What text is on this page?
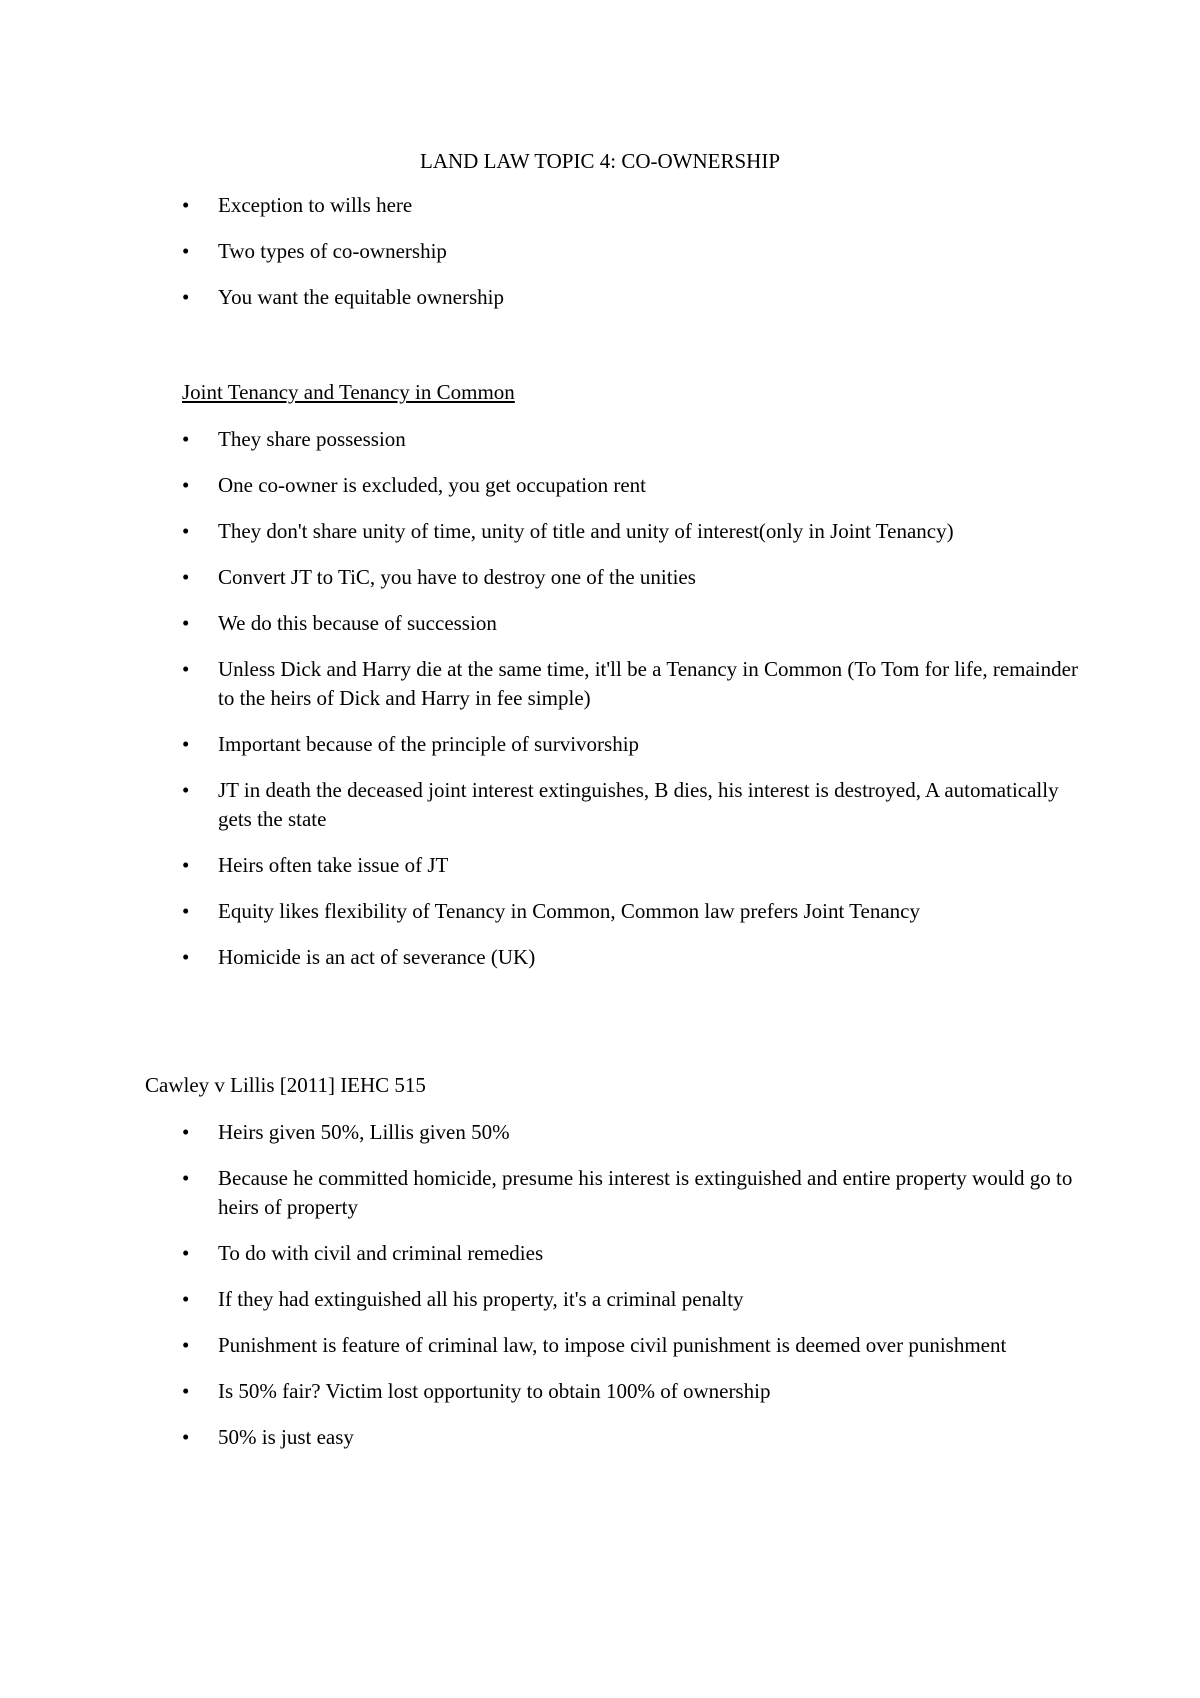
LAND LAW TOPIC 4: CO-OWNERSHIP
•	Exception to wills here
•	Two types of co-ownership
•	You want the equitable ownership
Joint Tenancy and Tenancy in Common
•	They share possession
•	One co-owner is excluded, you get occupation rent
•	They don't share unity of time, unity of title and unity of interest(only in Joint Tenancy)
•	Convert JT to TiC, you have to destroy one of the unities
•	We do this because of succession
•	Unless Dick and Harry die at the same time, it'll be a Tenancy in Common (To Tom for life, remainder to the heirs of Dick and Harry in fee simple)
•	Important because of the principle of survivorship
•	JT in death the deceased joint interest extinguishes, B dies, his interest is destroyed, A automatically gets the state
•	Heirs often take issue of JT
•	Equity likes flexibility of Tenancy in Common, Common law prefers Joint Tenancy
•	Homicide is an act of severance (UK)
Cawley v Lillis [2011] IEHC 515
•	Heirs given 50%, Lillis given 50%
•	Because he committed homicide, presume his interest is extinguished and entire property would go to heirs of property
•	To do with civil and criminal remedies
•	If they had extinguished all his property, it's a criminal penalty
•	Punishment is feature of criminal law, to impose civil punishment is deemed over punishment
•	Is 50% fair? Victim lost opportunity to obtain 100% of ownership
•	50% is just easy
